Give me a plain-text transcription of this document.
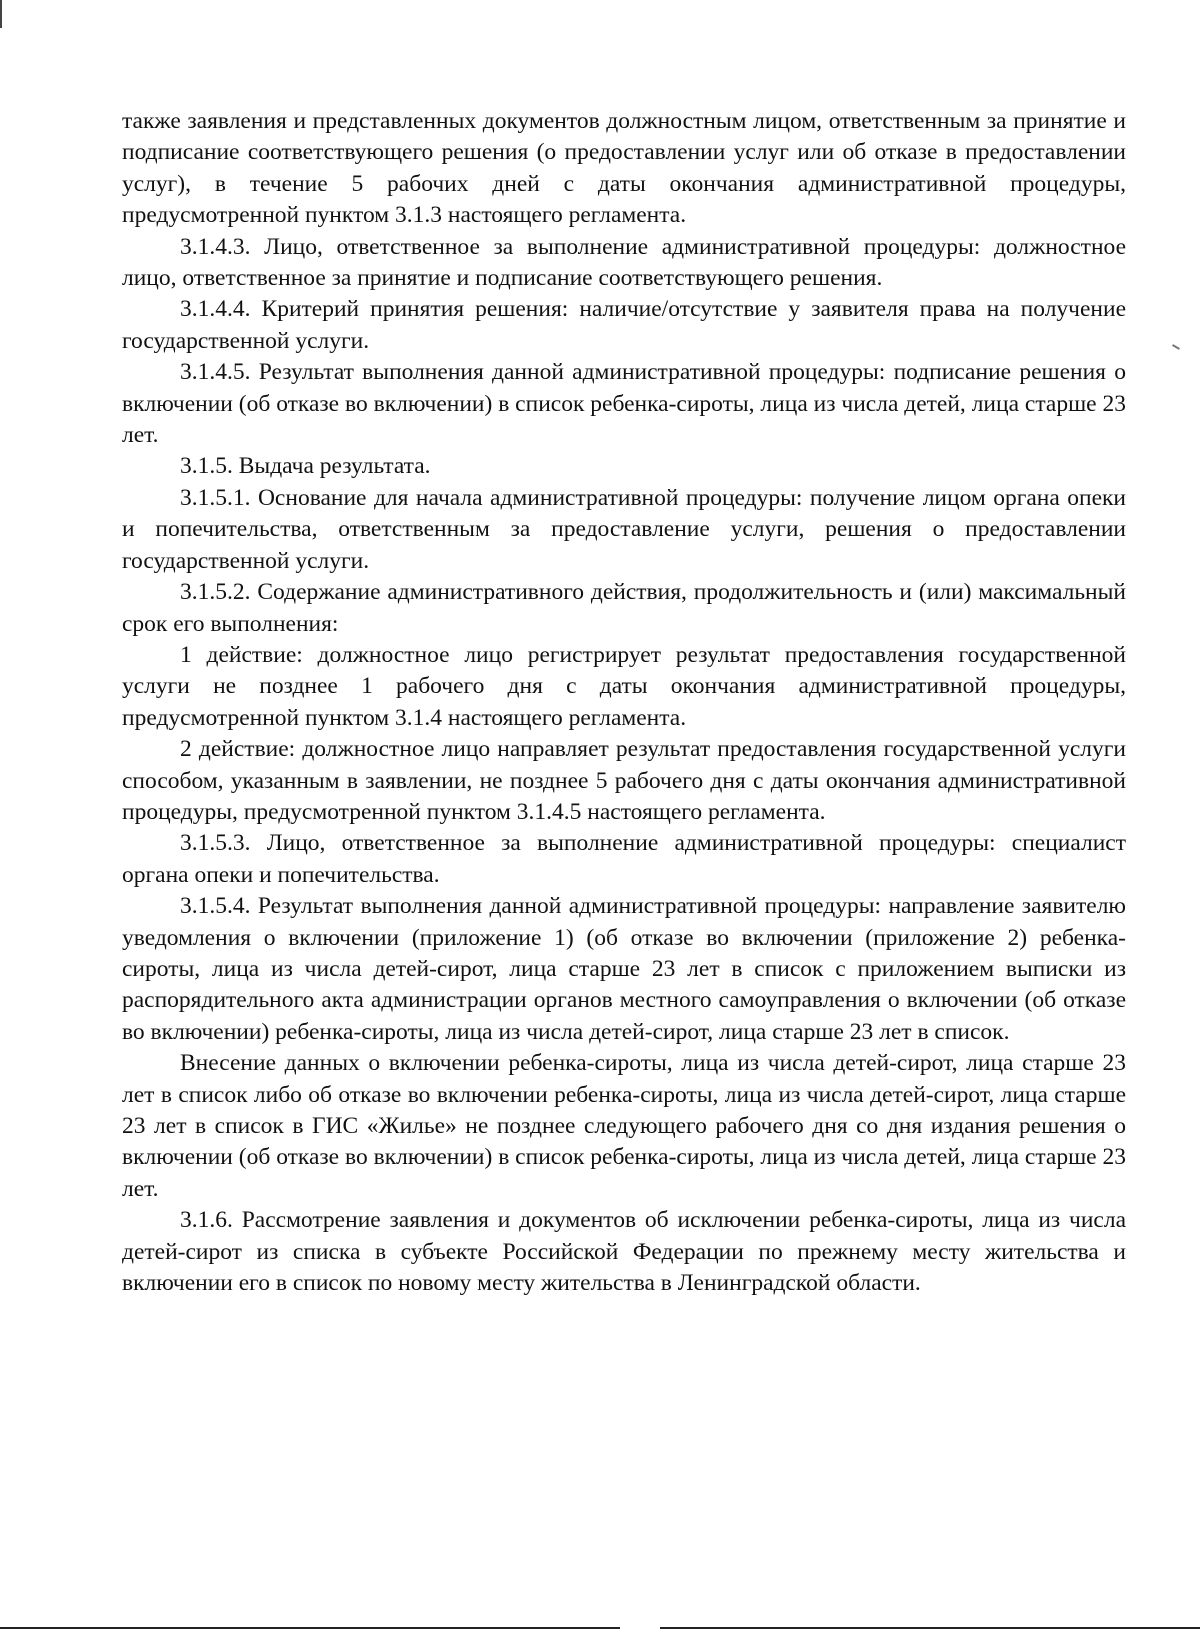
также заявления и представленных документов должностным лицом, ответственным за принятие и подписание соответствующего решения (о предоставлении услуг или об отказе в предоставлении услуг), в течение 5 рабочих дней с даты окончания административной процедуры, предусмотренной пунктом 3.1.3 настоящего регламента.

3.1.4.3. Лицо, ответственное за выполнение административной процедуры: должностное лицо, ответственное за принятие и подписание соответствующего решения.

3.1.4.4. Критерий принятия решения: наличие/отсутствие у заявителя права на получение государственной услуги.

3.1.4.5. Результат выполнения данной административной процедуры: подписание решения о включении (об отказе во включении) в список ребенка-сироты, лица из числа детей, лица старше 23 лет.

3.1.5. Выдача результата.

3.1.5.1. Основание для начала административной процедуры: получение лицом органа опеки и попечительства, ответственным за предоставление услуги, решения о предоставлении государственной услуги.

3.1.5.2. Содержание административного действия, продолжительность и (или) максимальный срок его выполнения:

1 действие: должностное лицо регистрирует результат предоставления государственной услуги не позднее 1 рабочего дня с даты окончания административной процедуры, предусмотренной пунктом 3.1.4 настоящего регламента.

2 действие: должностное лицо направляет результат предоставления государственной услуги способом, указанным в заявлении, не позднее 5 рабочего дня с даты окончания административной процедуры, предусмотренной пунктом 3.1.4.5 настоящего регламента.

3.1.5.3. Лицо, ответственное за выполнение административной процедуры: специалист органа опеки и попечительства.

3.1.5.4. Результат выполнения данной административной процедуры: направление заявителю уведомления о включении (приложение 1) (об отказе во включении (приложение 2) ребенка-сироты, лица из числа детей-сирот, лица старше 23 лет в список с приложением выписки из распорядительного акта администрации органов местного самоуправления о включении (об отказе во включении) ребенка-сироты, лица из числа детей-сирот, лица старше 23 лет в список.

Внесение данных о включении ребенка-сироты, лица из числа детей-сирот, лица старше 23 лет в список либо об отказе во включении ребенка-сироты, лица из числа детей-сирот, лица старше 23 лет в список в ГИС «Жилье» не позднее следующего рабочего дня со дня издания решения о включении (об отказе во включении) в список ребенка-сироты, лица из числа детей, лица старше 23 лет.

3.1.6. Рассмотрение заявления и документов об исключении ребенка-сироты, лица из числа детей-сирот из списка в субъекте Российской Федерации по прежнему месту жительства и включении его в список по новому месту жительства в Ленинградской области.
